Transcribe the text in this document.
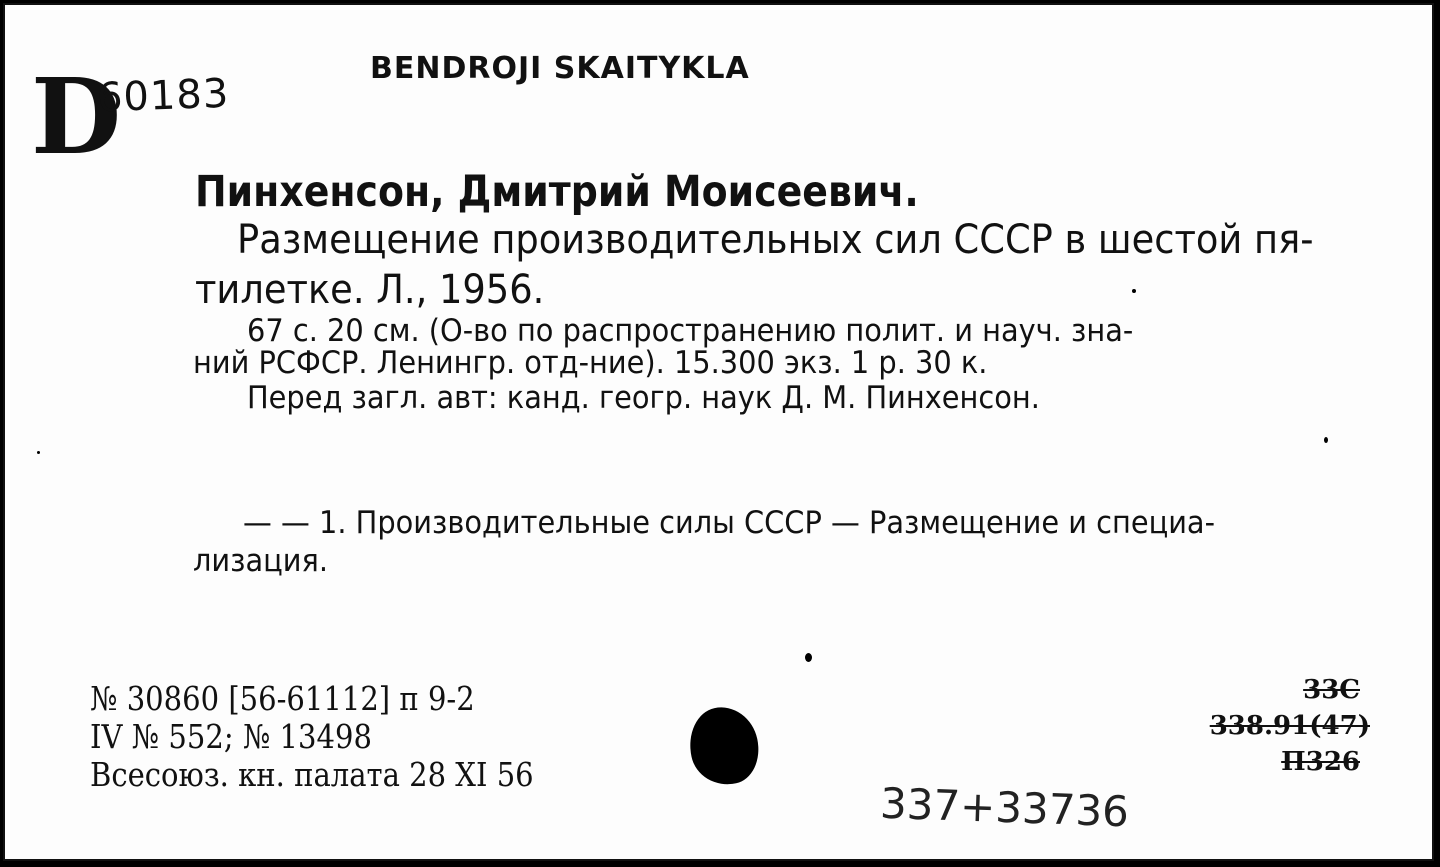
D
60183
BENDROJI SKAITYKLA
Пинхенсон, Дмитрий Моисеевич.
Размещение производительных сил СССР в шестой пя-
тилетке. Л., 1956.
67 с. 20 см. (О-во по распространению полит. и науч. зна-
ний РСФСР. Ленингр. отд-ние). 15.300 экз. 1 р. 30 к.
Перед загл. авт: канд. геогр. наук Д. М. Пинхенсон.
— — 1. Производительные силы СССР — Размещение и специа-
лизация.
№ 30860 [56-61112] п 9-2
IV № 552; № 13498
Всесоюз. кн. палата 28 XI 56
33C
338.91(47)
П326
337+33736
